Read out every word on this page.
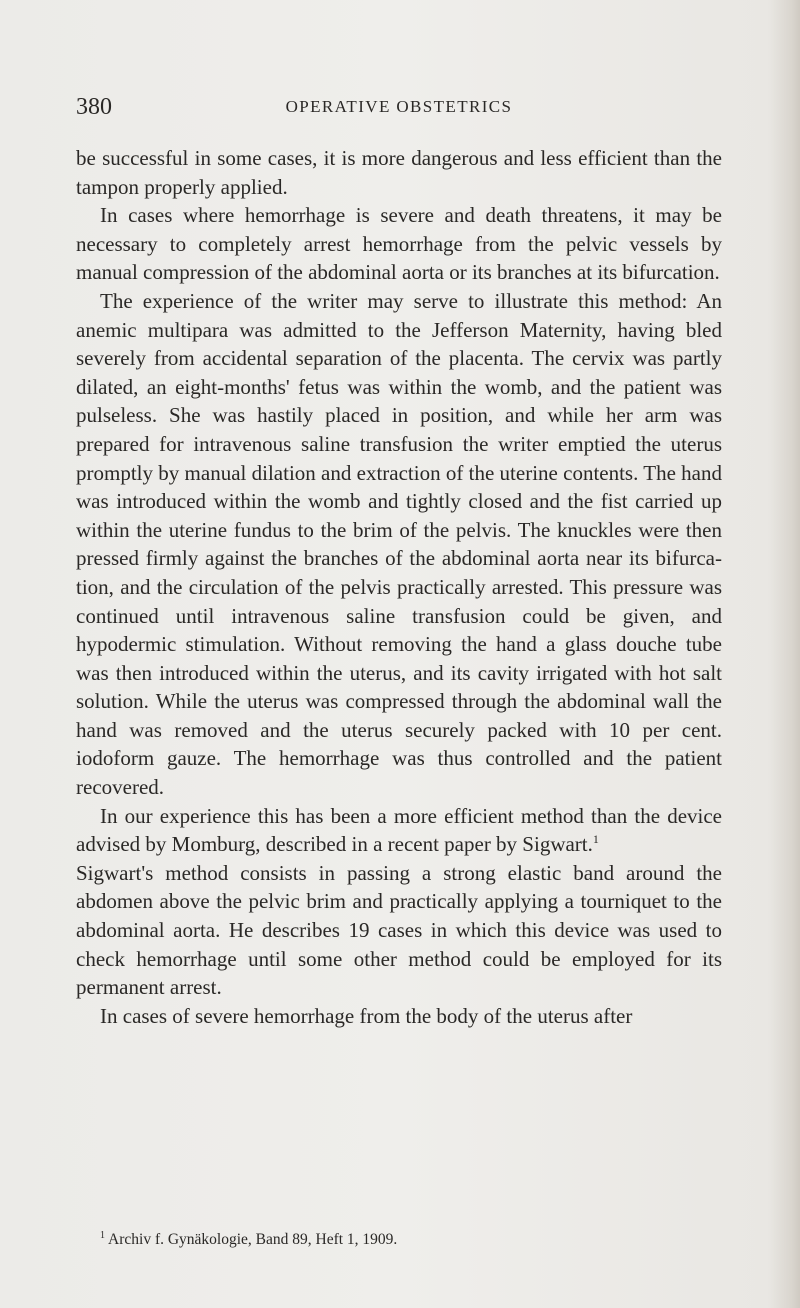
380	OPERATIVE OBSTETRICS

be successful in some cases, it is more dangerous and less efficient than the tampon properly applied.

In cases where hemorrhage is severe and death threatens, it may be necessary to completely arrest hemorrhage from the pelvic vessels by manual compression of the abdominal aorta or its branches at its bifurcation.

The experience of the writer may serve to illustrate this method: An anemic multipara was admitted to the Jefferson Maternity, having bled severely from accidental separation of the placenta. The cervix was partly dilated, an eight-months' fetus was within the womb, and the patient was pulseless. She was hastily placed in position, and while her arm was prepared for intravenous saline transfusion the writer emptied the uterus promptly by manual dilation and extraction of the uterine contents. The hand was introduced within the womb and tightly closed and the fist carried up within the uterine fundus to the brim of the pelvis. The knuckles were then pressed firmly against the branches of the abdominal aorta near its bifurcation, and the circulation of the pelvis practically arrested. This pressure was continued until intravenous saline transfusion could be given, and hypodermic stimulation. Without removing the hand a glass douche tube was then introduced within the uterus, and its cavity irrigated with hot salt solution. While the uterus was compressed through the abdominal wall the hand was removed and the uterus securely packed with 10 per cent. iodoform gauze. The hemorrhage was thus controlled and the patient recovered.

In our experience this has been a more efficient method than the device advised by Momburg, described in a recent paper by Sigwart.$^1$

Sigwart's method consists in passing a strong elastic band around the abdomen above the pelvic brim and practically applying a tourniquet to the abdominal aorta. He describes 19 cases in which this device was used to check hemorrhage until some other method could be employed for its permanent arrest.

In cases of severe hemorrhage from the body of the uterus after

$^1$ Archiv f. Gynäkologie, Band 89, Heft 1, 1909.
